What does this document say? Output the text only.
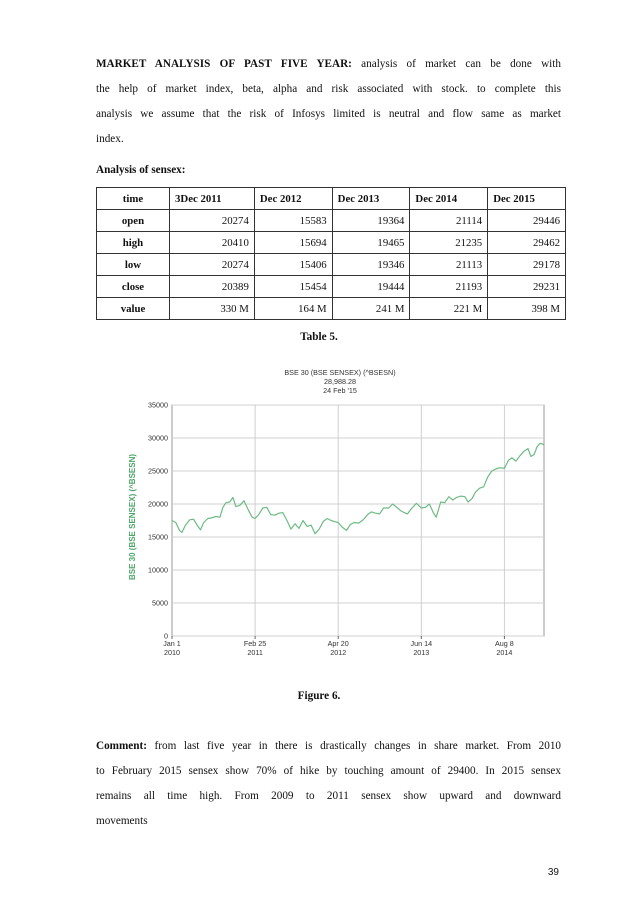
MARKET ANALYSIS OF PAST FIVE YEAR: analysis of market can be done with
the help of market index, beta, alpha and risk associated with stock. to complete this
analysis we assume that the risk of Infosys limited is neutral and flow same as market
index.
Analysis of sensex:
time	3Dec 2011	Dec 2012	Dec 2013	Dec 2014	Dec 2015
open	20274	15583	19364	21114	29446
high	20410	15694	19465	21235	29462
low	20274	15406	19346	21113	29178
close	20389	15454	19444	21193	29231
value	330 M	164 M	241 M	221 M	398 M
Table 5.
BSE 30 (BSE SENSEX) (^BSESN)
28,988.28
24 Feb '15
BSE 30 (BSE SENSEX) (^BSESN)
0
5000
10000
15000
20000
25000
30000
35000
Jan 1
2010
Feb 25
2011
Apr 20
2012
Jun 14
2013
Aug 8
2014
Figure 6.
Comment: from last five year in there is drastically changes in share market. From 2010
to February 2015 sensex show 70% of hike by touching amount of 29400. In 2015 sensex
remains all time high. From 2009 to 2011 sensex show upward and downward
movements
39
